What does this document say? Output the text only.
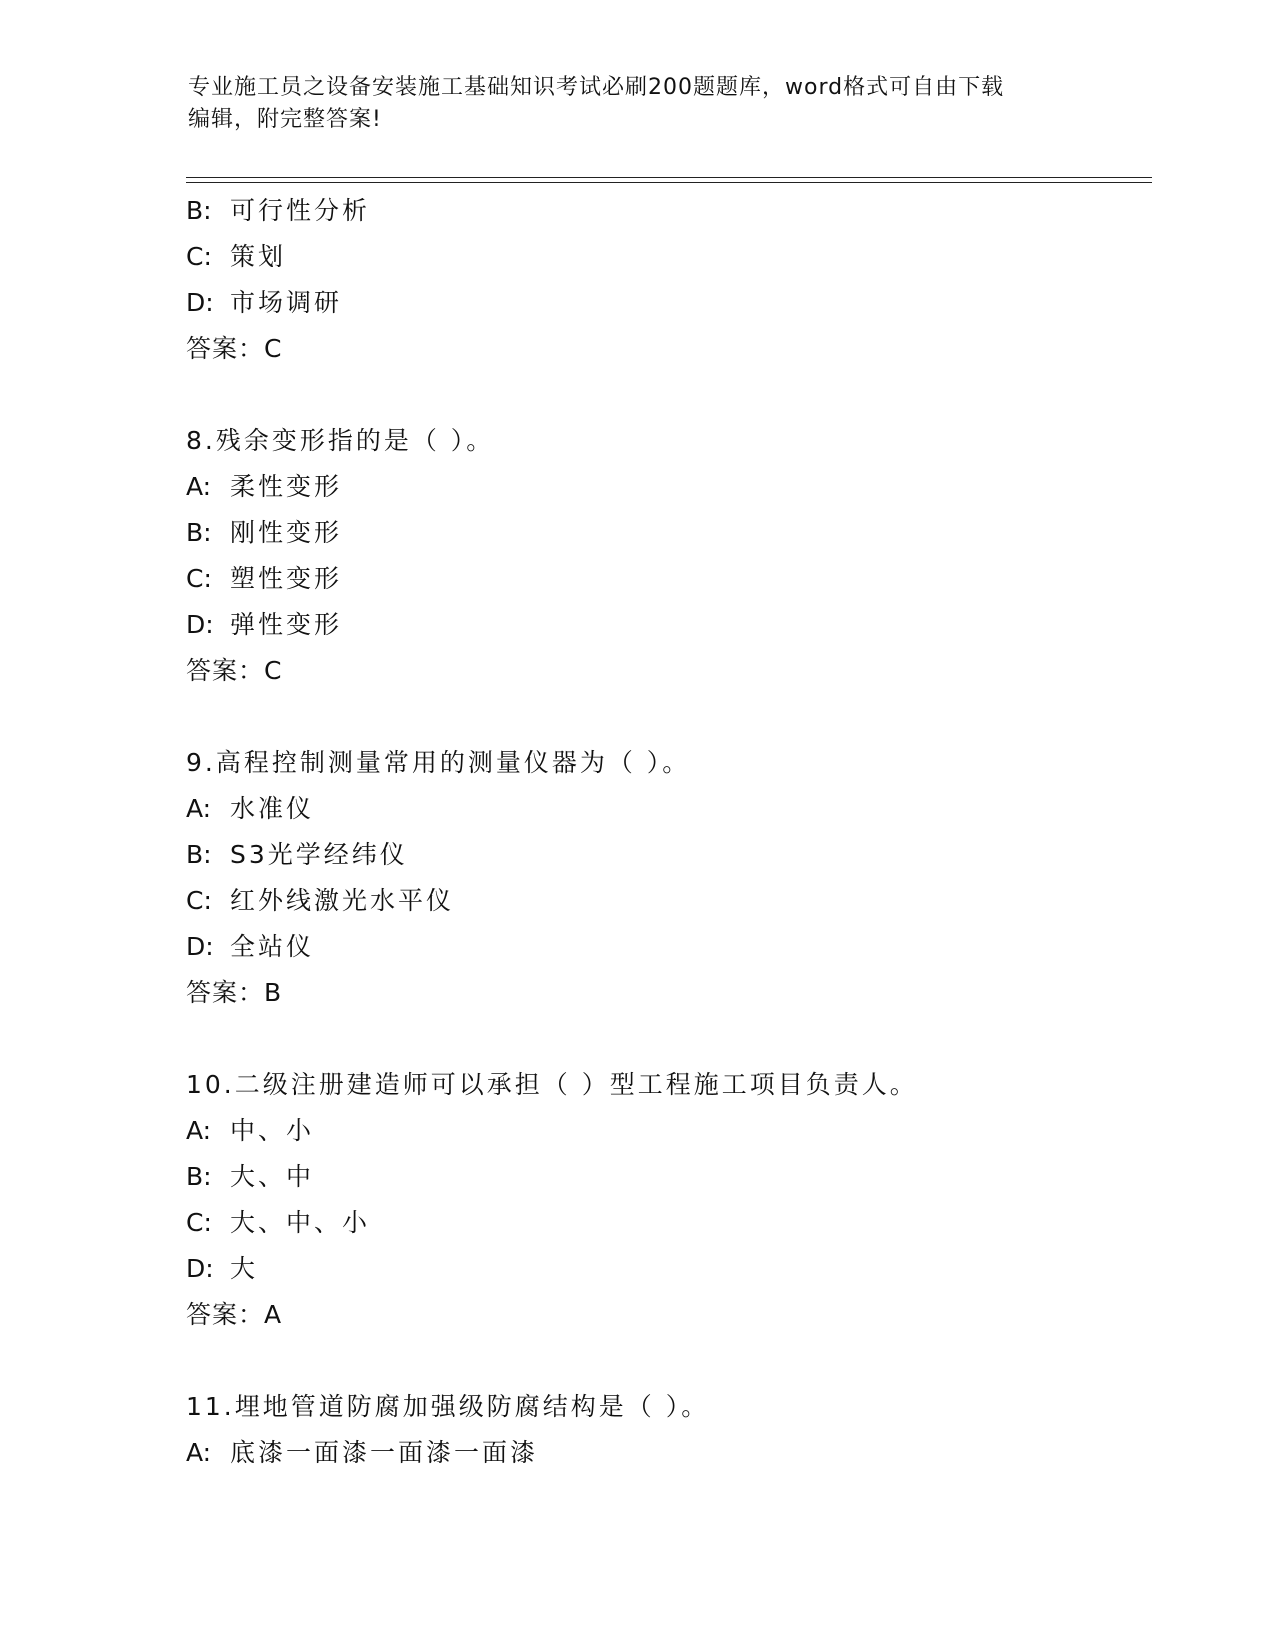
专业施工员之设备安装施工基础知识考试必刷200题题库，word格式可自由下载
编辑，附完整答案!
B: 可行性分析
C: 策划
D: 市场调研
答案：C
8.残余变形指的是（ ）。
A: 柔性变形
B: 刚性变形
C: 塑性变形
D: 弹性变形
答案：C
9.高程控制测量常用的测量仪器为（ ）。
A: 水准仪
B: S3光学经纬仪
C: 红外线激光水平仪
D: 全站仪
答案：B
10.二级注册建造师可以承担（ ）型工程施工项目负责人。
A: 中、小
B: 大、中
C: 大、中、小
D: 大
答案：A
11.埋地管道防腐加强级防腐结构是（ ）。
A: 底漆一面漆一面漆一面漆
